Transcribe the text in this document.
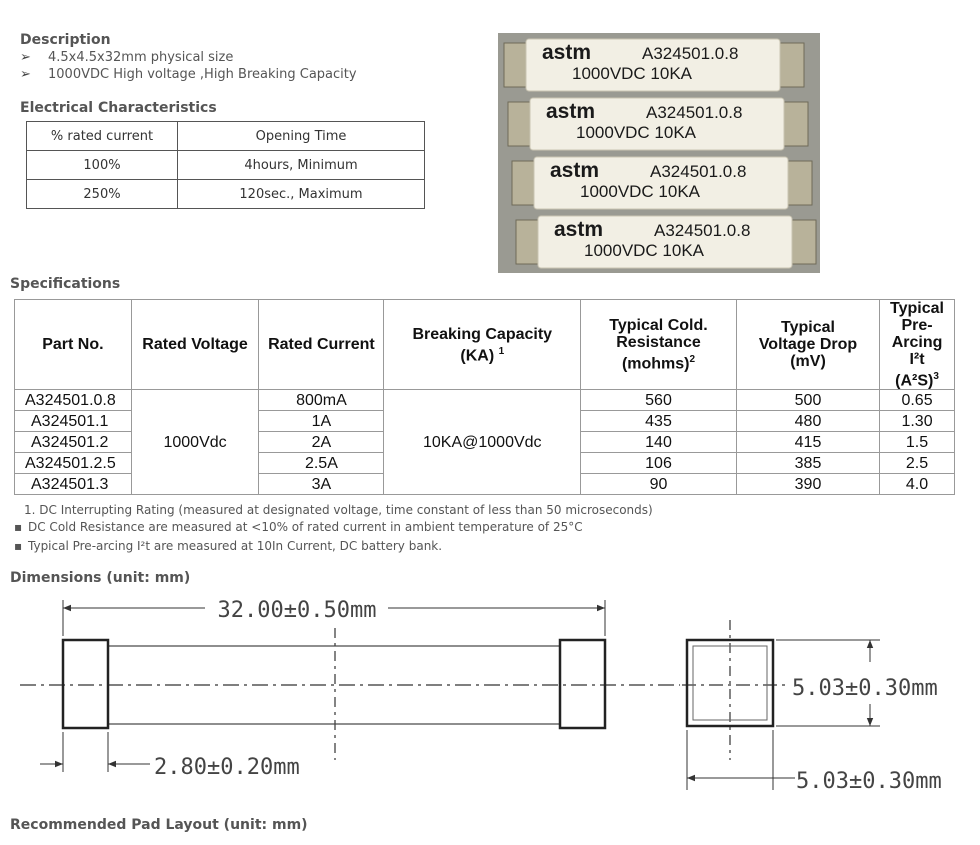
Description
➢ 4.5x4.5x32mm physical size
➢ 1000VDC High voltage ,High Breaking Capacity
Electrical Characteristics
% rated current	Opening Time
100%	4hours, Minimum
250%	120sec., Maximum
astm	A324501.0.8
1000VDC 10KA
astm	A324501.0.8
1000VDC 10KA
astm	A324501.0.8
1000VDC 10KA
astm	A324501.0.8
1000VDC 10KA
Specifications
Part No.	Rated Voltage	Rated Current	Breaking Capacity (KA) $^1$	Typical Cold. Resistance (mohms)$^2$	Typical Voltage Drop (mV)	Typical Pre-Arcing I²t $(A^2S)^3$
A324501.0.8	1000Vdc	800mA	10KA@1000Vdc	560	500	0.65
A324501.1		1A		435	480	1.30
A324501.2		2A		140	415	1.5
A324501.2.5		2.5A		106	385	2.5
A324501.3		3A		90	390	4.0
1. DC Interrupting Rating (measured at designated voltage, time constant of less than 50 microseconds)
▪ DC Cold Resistance are measured at <10% of rated current in ambient temperature of 25°C
▪ Typical Pre-arcing I²t are measured at 10In Current, DC battery bank.
Dimensions (unit: mm)
32.00±0.50mm
2.80±0.20mm
5.03±0.30mm
5.03±0.30mm
Recommended Pad Layout (unit: mm)
